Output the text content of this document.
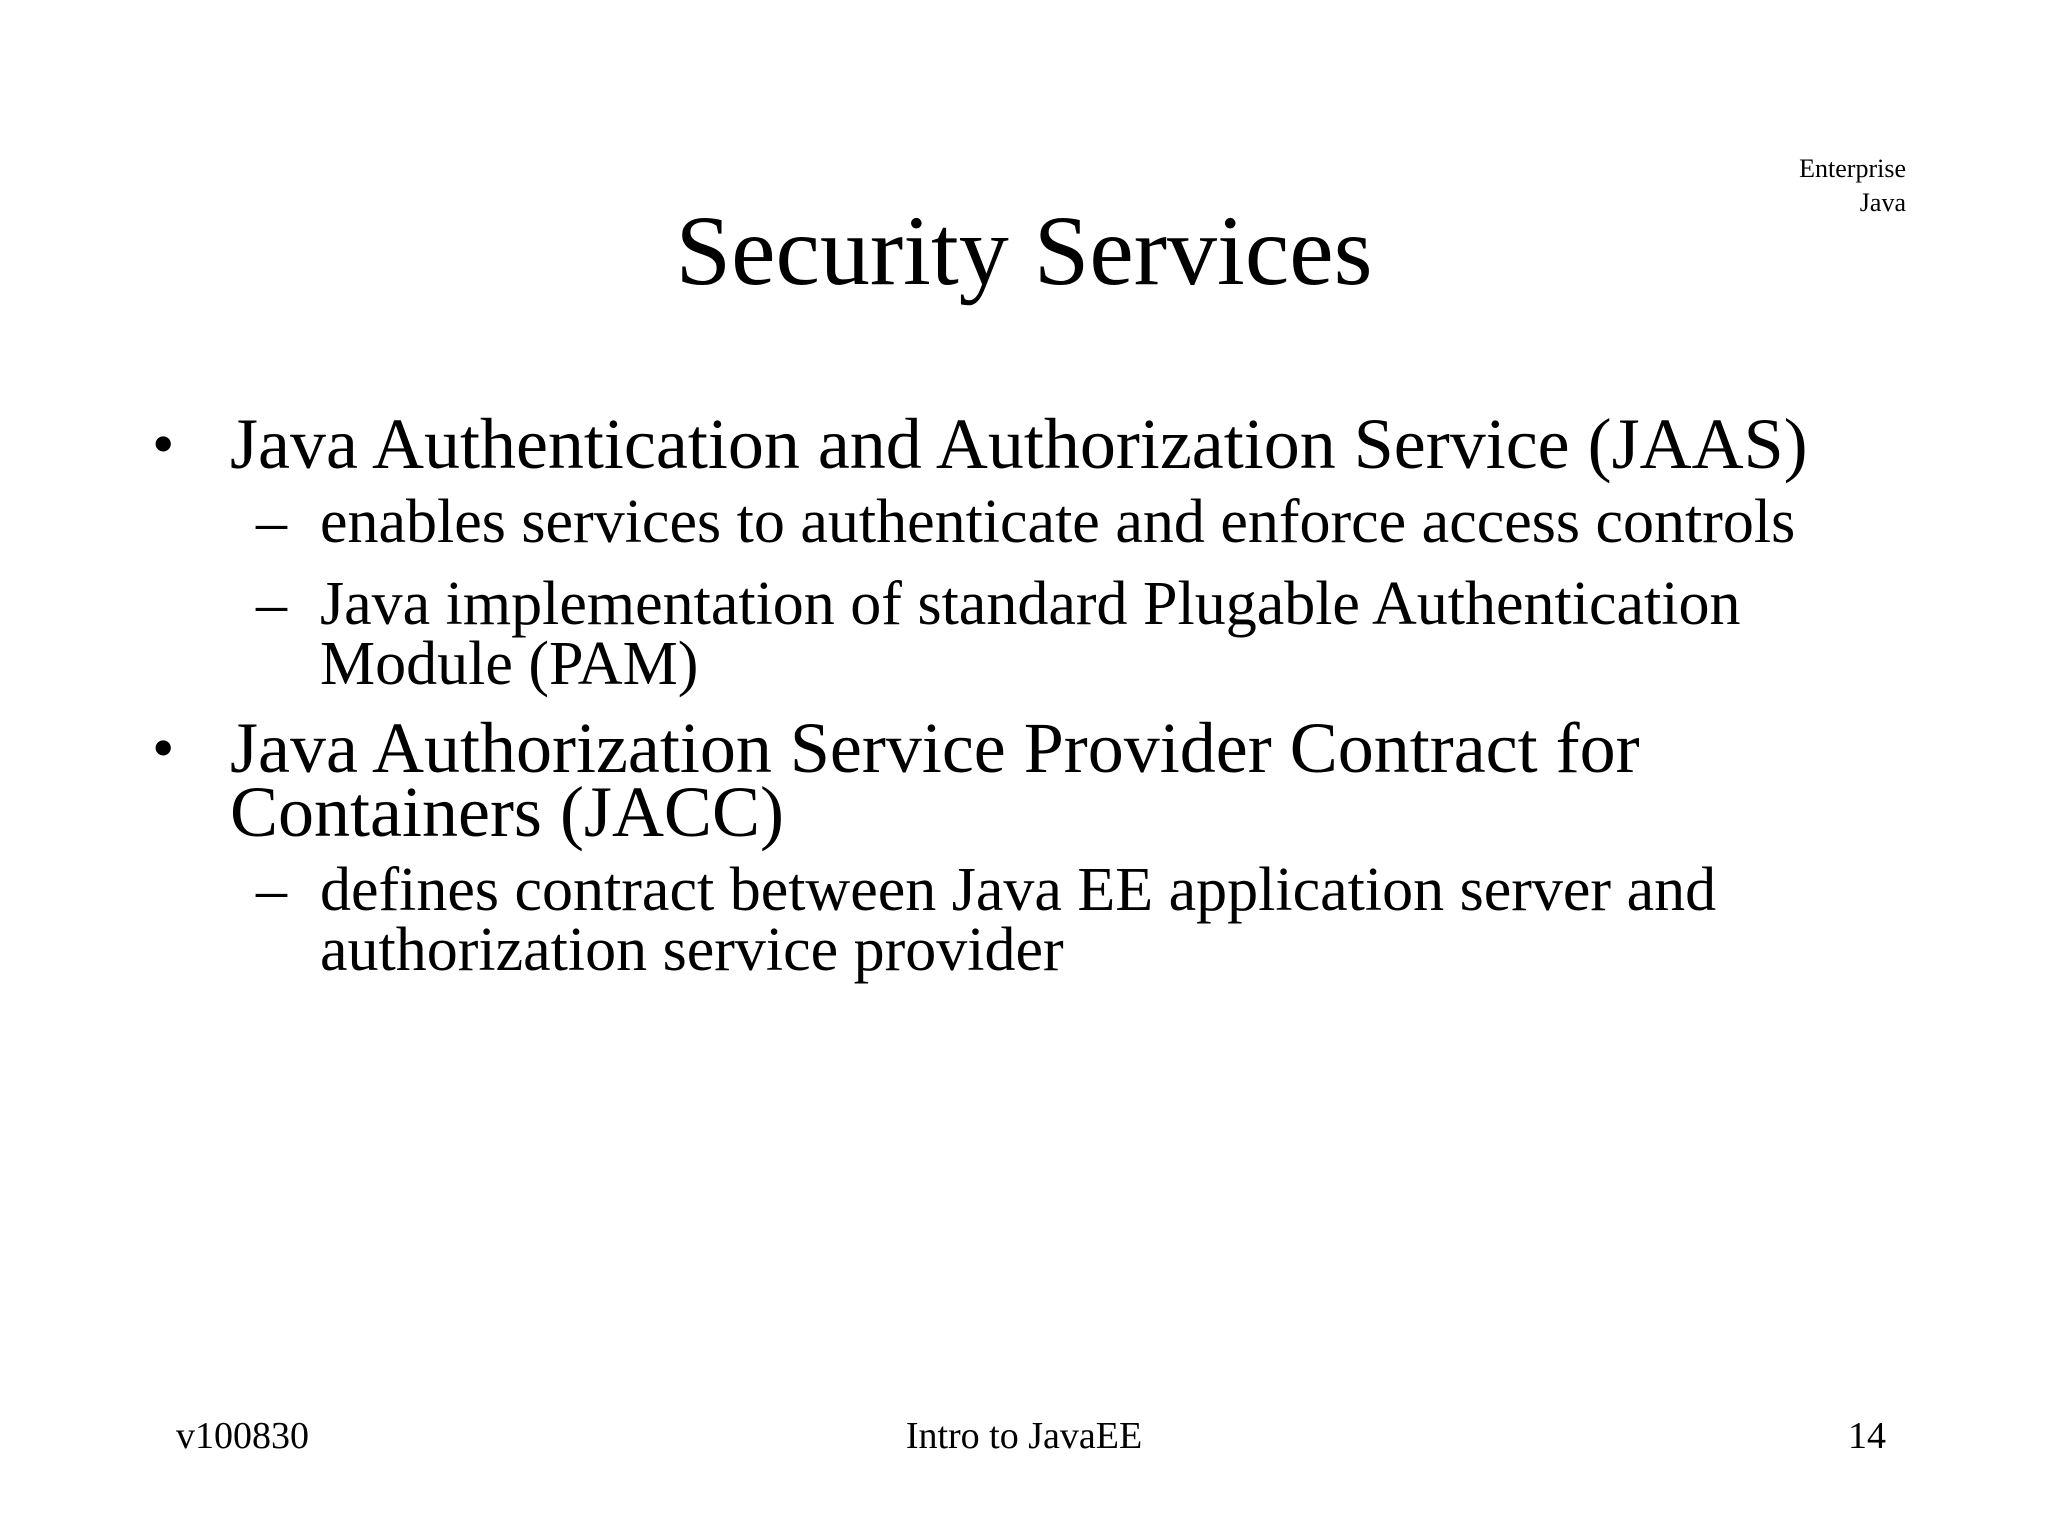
Enterprise
Java
Security Services
• Java Authentication and Authorization Service (JAAS)
– enables services to authenticate and enforce access controls
– Java implementation of standard Plugable Authentication Module (PAM)
• Java Authorization Service Provider Contract for Containers (JACC)
– defines contract between Java EE application server and authorization service provider
v100830	Intro to JavaEE	14
